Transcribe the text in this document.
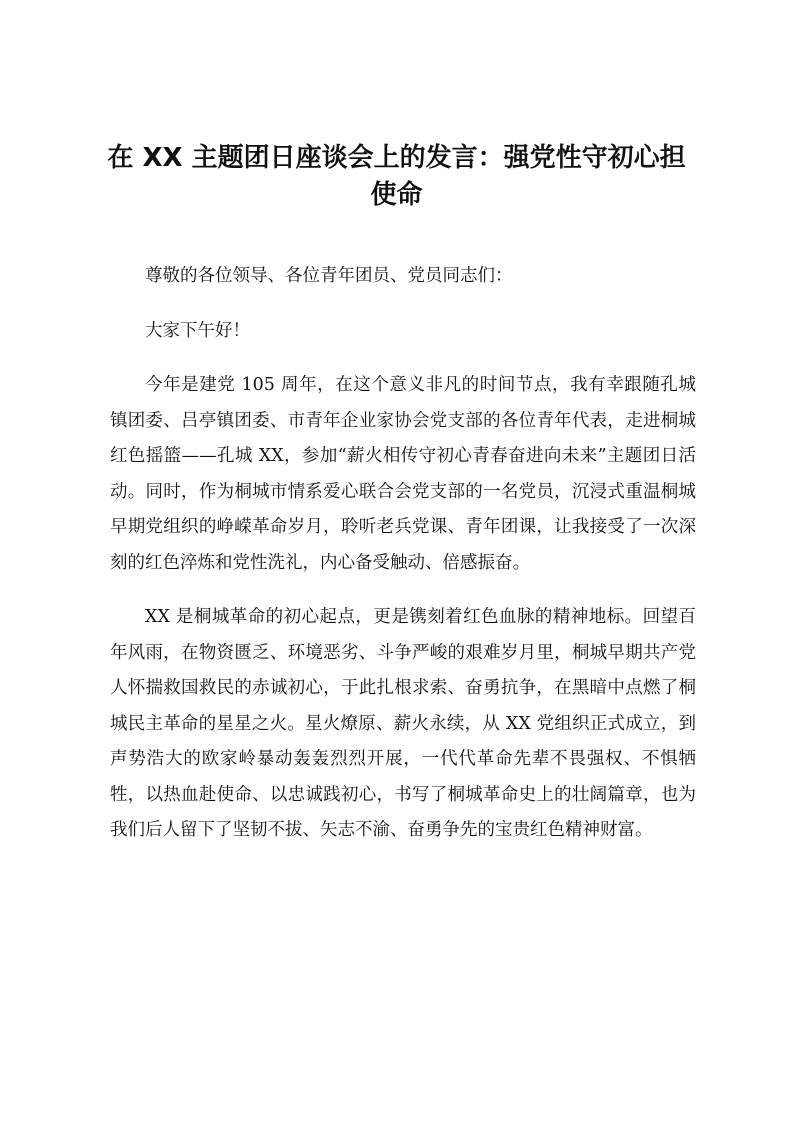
在 XX 主题团日座谈会上的发言：强党性守初心担使命

尊敬的各位领导、各位青年团员、党员同志们：

大家下午好！

今年是建党 105 周年，在这个意义非凡的时间节点，我有幸跟随孔城镇团委、吕亭镇团委、市青年企业家协会党支部的各位青年代表，走进桐城红色摇篮——孔城 XX，参加“薪火相传守初心青春奋进向未来”主题团日活动。同时，作为桐城市情系爱心联合会党支部的一名党员，沉浸式重温桐城早期党组织的峥嵘革命岁月，聆听老兵党课、青年团课，让我接受了一次深刻的红色淬炼和党性洗礼，内心备受触动、倍感振奋。

XX 是桐城革命的初心起点，更是镌刻着红色血脉的精神地标。回望百年风雨，在物资匮乏、环境恶劣、斗争严峻的艰难岁月里，桐城早期共产党人怀揣救国救民的赤诚初心，于此扎根求索、奋勇抗争，在黑暗中点燃了桐城民主革命的星星之火。星火燎原、薪火永续，从 XX 党组织正式成立，到声势浩大的欧家岭暴动轰轰烈烈开展，一代代革命先辈不畏强权、不惧牺牲，以热血赴使命、以忠诚践初心，书写了桐城革命史上的壮阔篇章，也为我们后人留下了坚韧不拔、矢志不渝、奋勇争先的宝贵红色精神财富。
